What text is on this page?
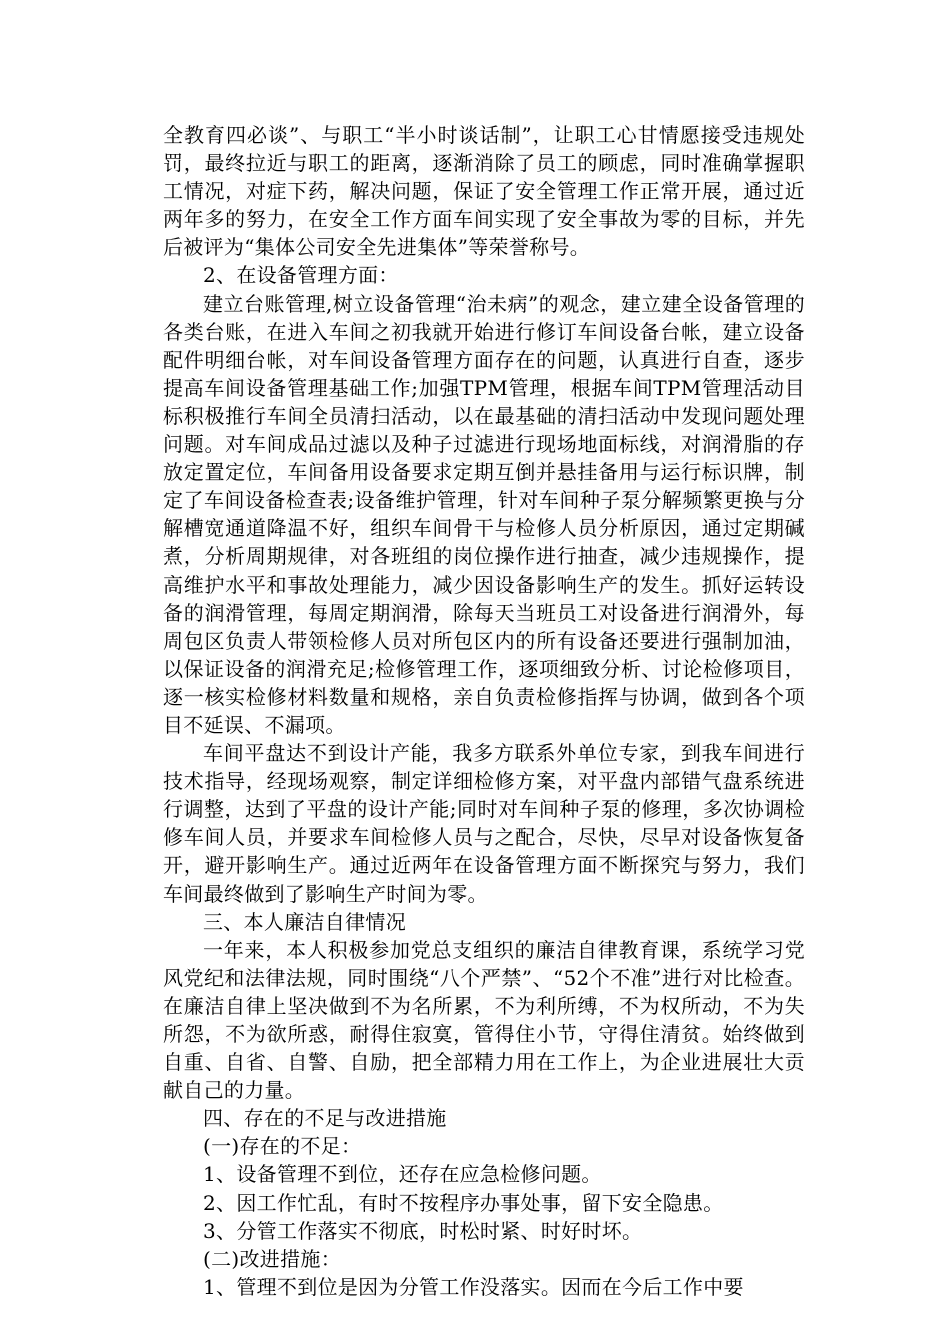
全教育四必谈”、与职工“半小时谈话制”，让职工心甘情愿接受违规处罚，最终拉近与职工的距离，逐渐消除了员工的顾虑，同时准确掌握职工情况，对症下药，解决问题，保证了安全管理工作正常开展，通过近两年多的努力，在安全工作方面车间实现了安全事故为零的目标，并先后被评为“集体公司安全先进集体”等荣誉称号。

2、在设备管理方面：

建立台账管理,树立设备管理“治未病”的观念，建立建全设备管理的各类台账，在进入车间之初我就开始进行修订车间设备台帐，建立设备配件明细台帐，对车间设备管理方面存在的问题，认真进行自查，逐步提高车间设备管理基础工作;加强TPM管理，根据车间TPM管理活动目标积极推行车间全员清扫活动，以在最基础的清扫活动中发现问题处理问题。对车间成品过滤以及种子过滤进行现场地面标线，对润滑脂的存放定置定位，车间备用设备要求定期互倒并悬挂备用与运行标识牌，制定了车间设备检查表;设备维护管理，针对车间种子泵分解频繁更换与分解槽宽通道降温不好，组织车间骨干与检修人员分析原因，通过定期碱煮，分析周期规律，对各班组的岗位操作进行抽查，减少违规操作，提高维护水平和事故处理能力，减少因设备影响生产的发生。抓好运转设备的润滑管理，每周定期润滑，除每天当班员工对设备进行润滑外，每周包区负责人带领检修人员对所包区内的所有设备还要进行强制加油，以保证设备的润滑充足;检修管理工作，逐项细致分析、讨论检修项目，逐一核实检修材料数量和规格，亲自负责检修指挥与协调，做到各个项目不延误、不漏项。

车间平盘达不到设计产能，我多方联系外单位专家，到我车间进行技术指导，经现场观察，制定详细检修方案，对平盘内部错气盘系统进行调整，达到了平盘的设计产能;同时对车间种子泵的修理，多次协调检修车间人员，并要求车间检修人员与之配合，尽快，尽早对设备恢复备开，避开影响生产。通过近两年在设备管理方面不断探究与努力，我们车间最终做到了影响生产时间为零。

三、本人廉洁自律情况

一年来，本人积极参加党总支组织的廉洁自律教育课，系统学习党风党纪和法律法规，同时围绕“八个严禁”、“52个不准”进行对比检查。在廉洁自律上坚决做到不为名所累，不为利所缚，不为权所动，不为失所怨，不为欲所惑，耐得住寂寞，管得住小节，守得住清贫。始终做到自重、自省、自警、自励，把全部精力用在工作上，为企业进展壮大贡献自己的力量。

四、存在的不足与改进措施

(一)存在的不足：

1、设备管理不到位，还存在应急检修问题。

2、因工作忙乱，有时不按程序办事处事，留下安全隐患。

3、分管工作落实不彻底，时松时紧、时好时坏。

(二)改进措施：

1、管理不到位是因为分管工作没落实。因而在今后工作中要
